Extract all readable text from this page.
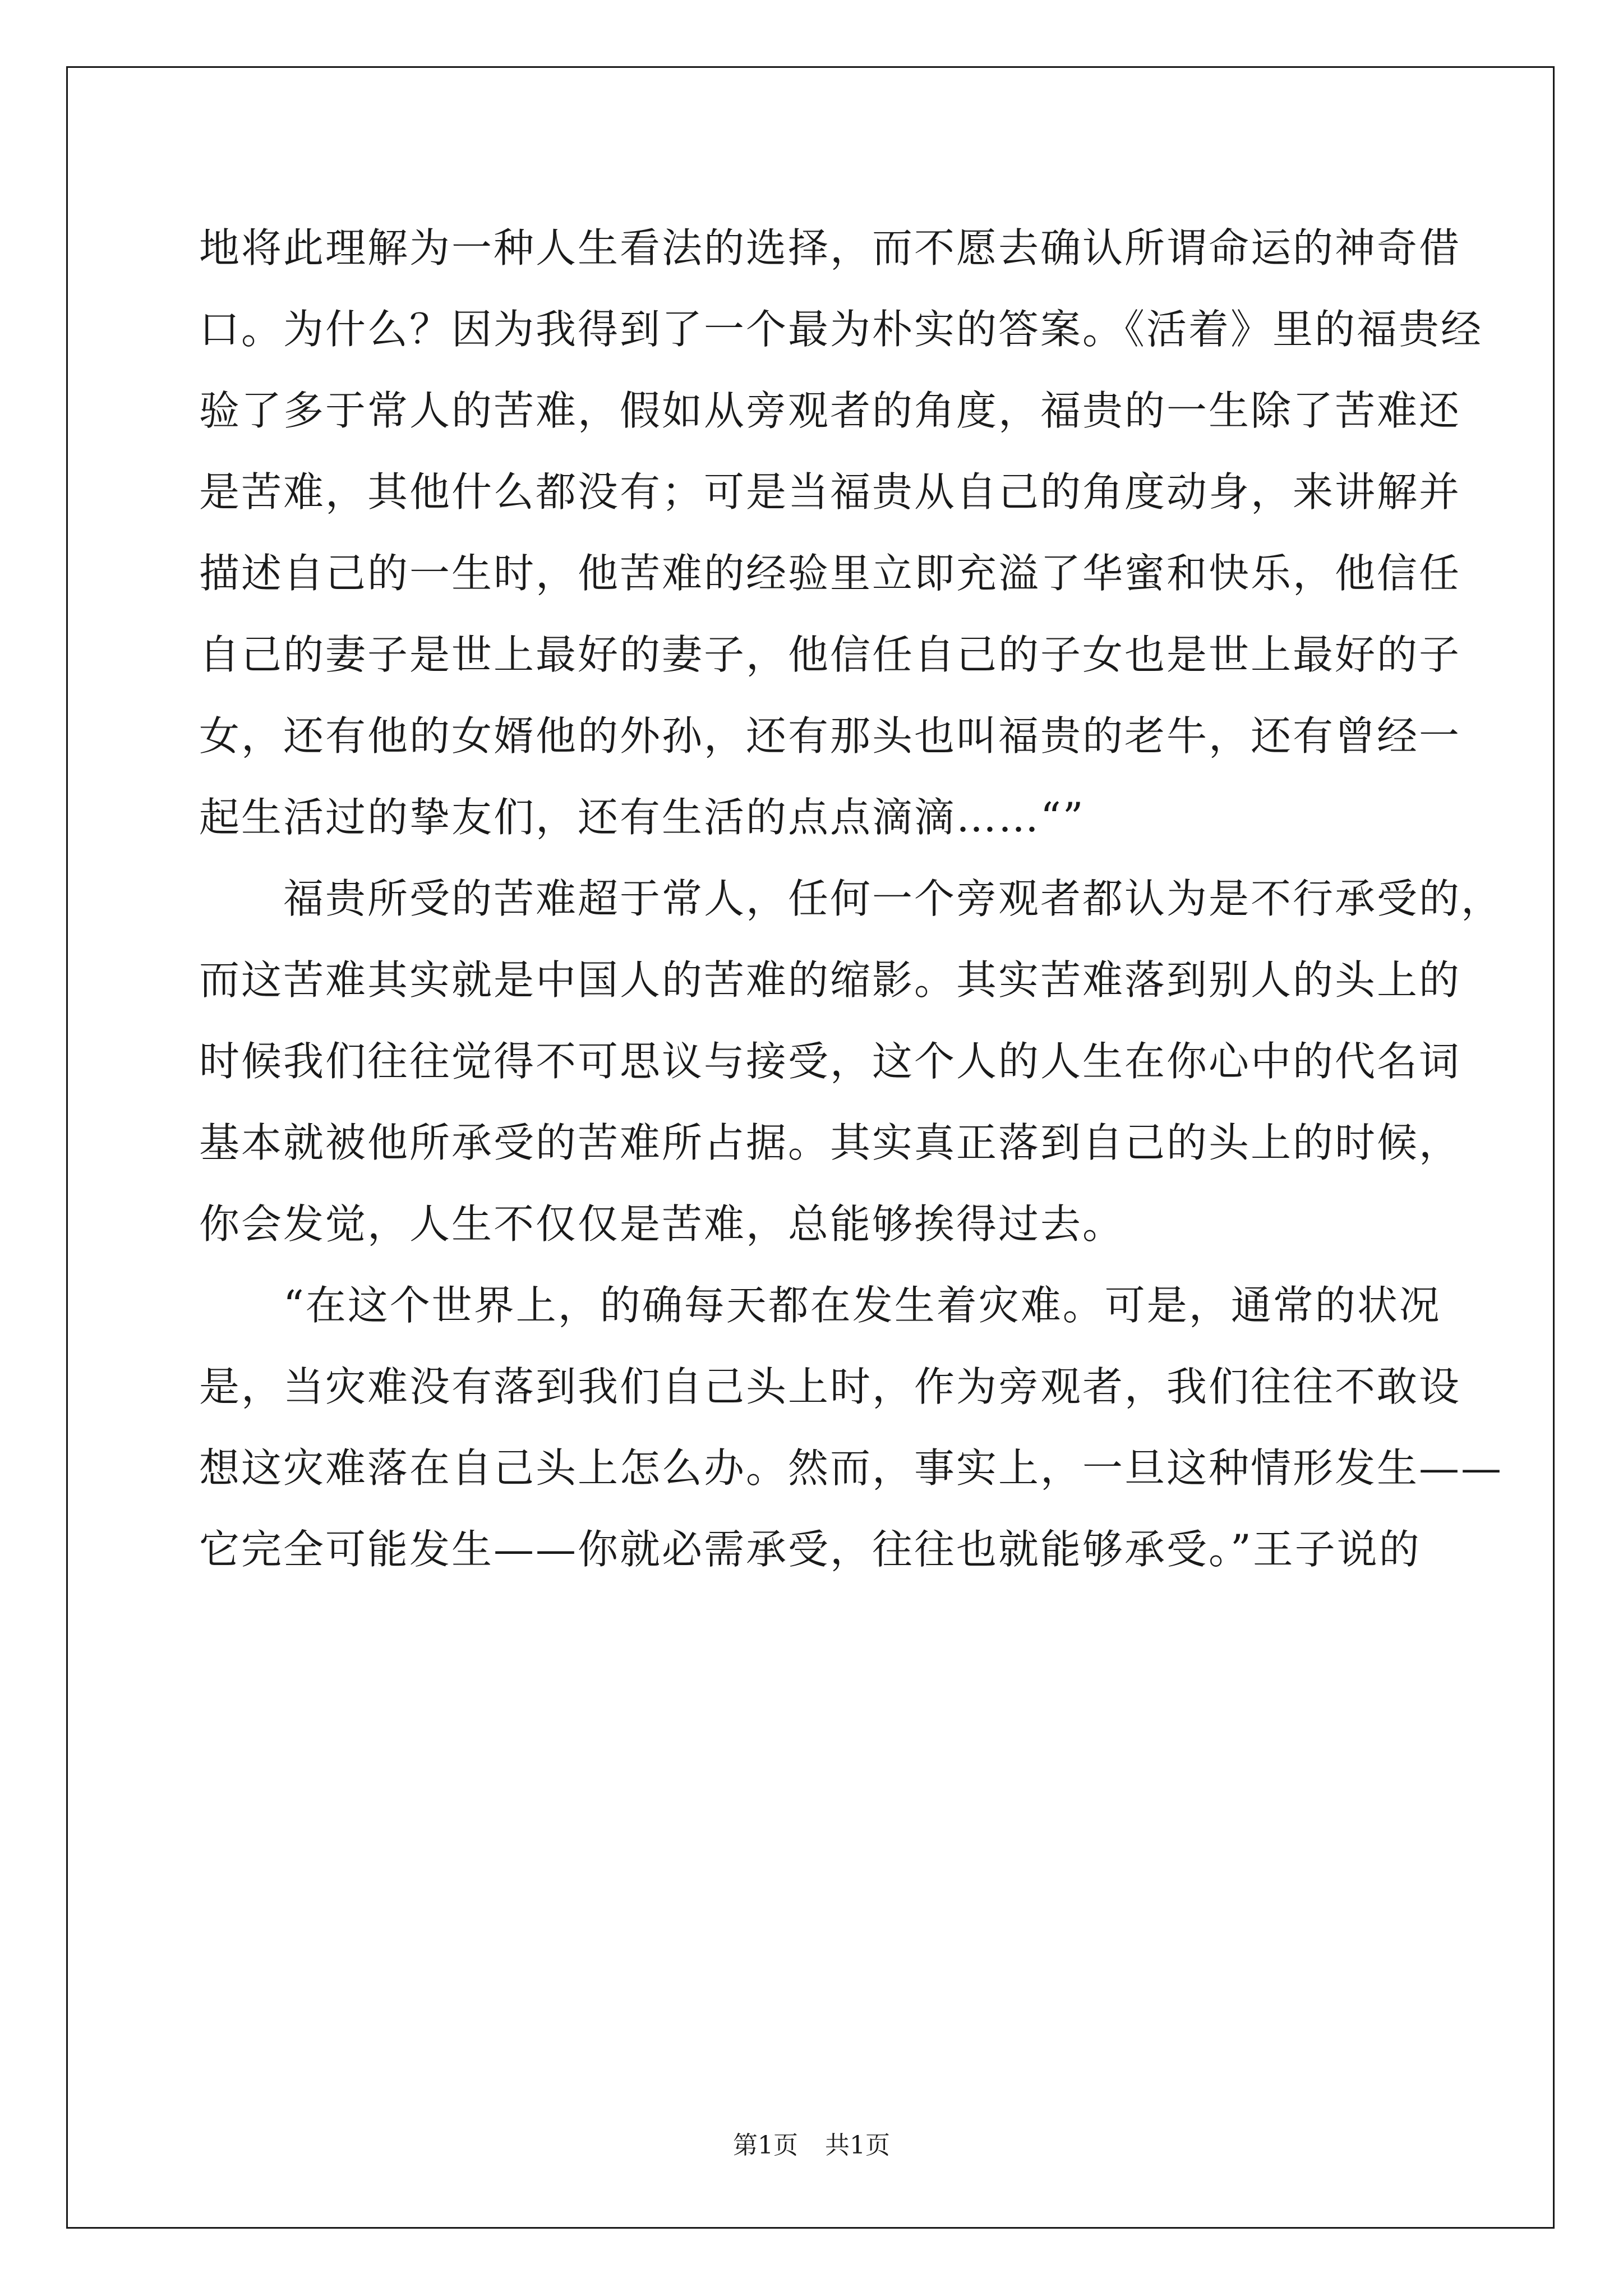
地将此理解为一种人生看法的选择，而不愿去确认所谓命运的神奇借
口。为什么？因为我得到了一个最为朴实的答案。《活着》里的福贵经
验了多于常人的苦难，假如从旁观者的角度，福贵的一生除了苦难还
是苦难，其他什么都没有；可是当福贵从自己的角度动身，来讲解并
描述自己的一生时，他苦难的经验里立即充溢了华蜜和快乐，他信任
自己的妻子是世上最好的妻子，他信任自己的子女也是世上最好的子
女，还有他的女婿他的外孙，还有那头也叫福贵的老牛，还有曾经一
起生活过的挚友们，还有生活的点点滴滴……“”
　　福贵所受的苦难超于常人，任何一个旁观者都认为是不行承受的，
而这苦难其实就是中国人的苦难的缩影。其实苦难落到别人的头上的
时候我们往往觉得不可思议与接受，这个人的人生在你心中的代名词
基本就被他所承受的苦难所占据。其实真正落到自己的头上的时候，
你会发觉，人生不仅仅是苦难，总能够挨得过去。
　　“在这个世界上，的确每天都在发生着灾难。可是，通常的状况
是，当灾难没有落到我们自己头上时，作为旁观者，我们往往不敢设
想这灾难落在自己头上怎么办。然而，事实上，一旦这种情形发生——
它完全可能发生——你就必需承受，往往也就能够承受。”王子说的
第1页 共1页
